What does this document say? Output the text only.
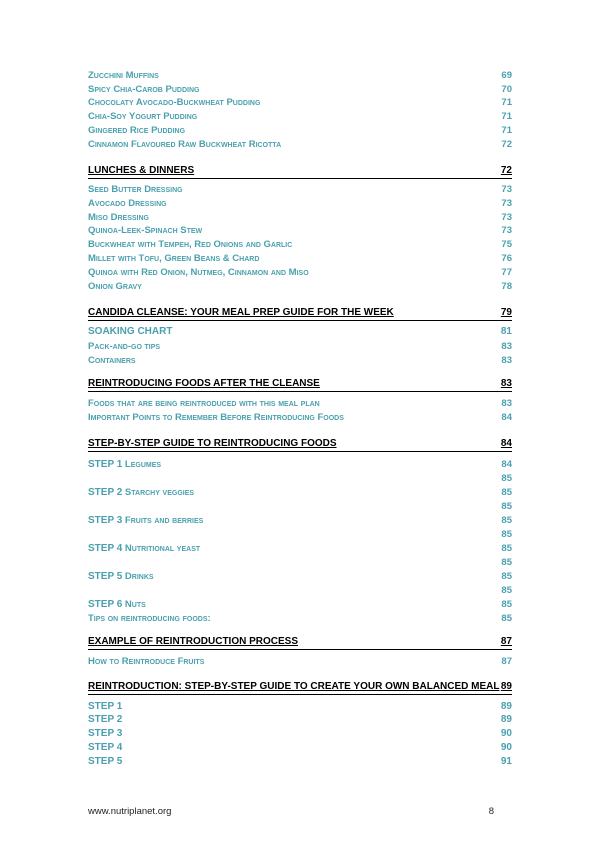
Zucchini Muffins	69
Spicy Chia-Carob Pudding	70
Chocolaty Avocado-Buckwheat Pudding	71
Chia-Soy Yogurt Pudding	71
Gingered Rice Pudding	71
Cinnamon Flavoured Raw Buckwheat Ricotta	72
LUNCHES & DINNERS	72
Seed Butter Dressing	73
Avocado Dressing	73
Miso Dressing	73
Quinoa-Leek-Spinach Stew	73
Buckwheat with Tempeh, Red Onions and Garlic	75
Millet with Tofu, Green Beans & Chard	76
Quinoa with Red Onion, Nutmeg, Cinnamon and Miso	77
Onion Gravy	78
CANDIDA CLEANSE: YOUR MEAL PREP GUIDE FOR THE WEEK	79
SOAKING CHART	81
Pack-and-go tips	83
Containers	83
REINTRODUCING FOODS AFTER THE CLEANSE	83
Foods that are being reintroduced with this meal plan	83
Important Points to Remember Before Reintroducing Foods	84
STEP-BY-STEP GUIDE TO REINTRODUCING FOODS	84
STEP 1 Legumes	84
85
STEP 2 Starchy veggies	85
85
STEP 3 Fruits and berries	85
85
STEP 4 Nutritional yeast	85
85
STEP 5 Drinks	85
85
STEP 6 Nuts	85
Tips on reintroducing foods:	85
EXAMPLE OF REINTRODUCTION PROCESS	87
How to Reintroduce Fruits	87
REINTRODUCTION: STEP-BY-STEP GUIDE TO CREATE YOUR OWN BALANCED MEAL 89
STEP 1	89
STEP 2	89
STEP 3	90
STEP 4	90
STEP 5	91
www.nutriplanet.org	8
